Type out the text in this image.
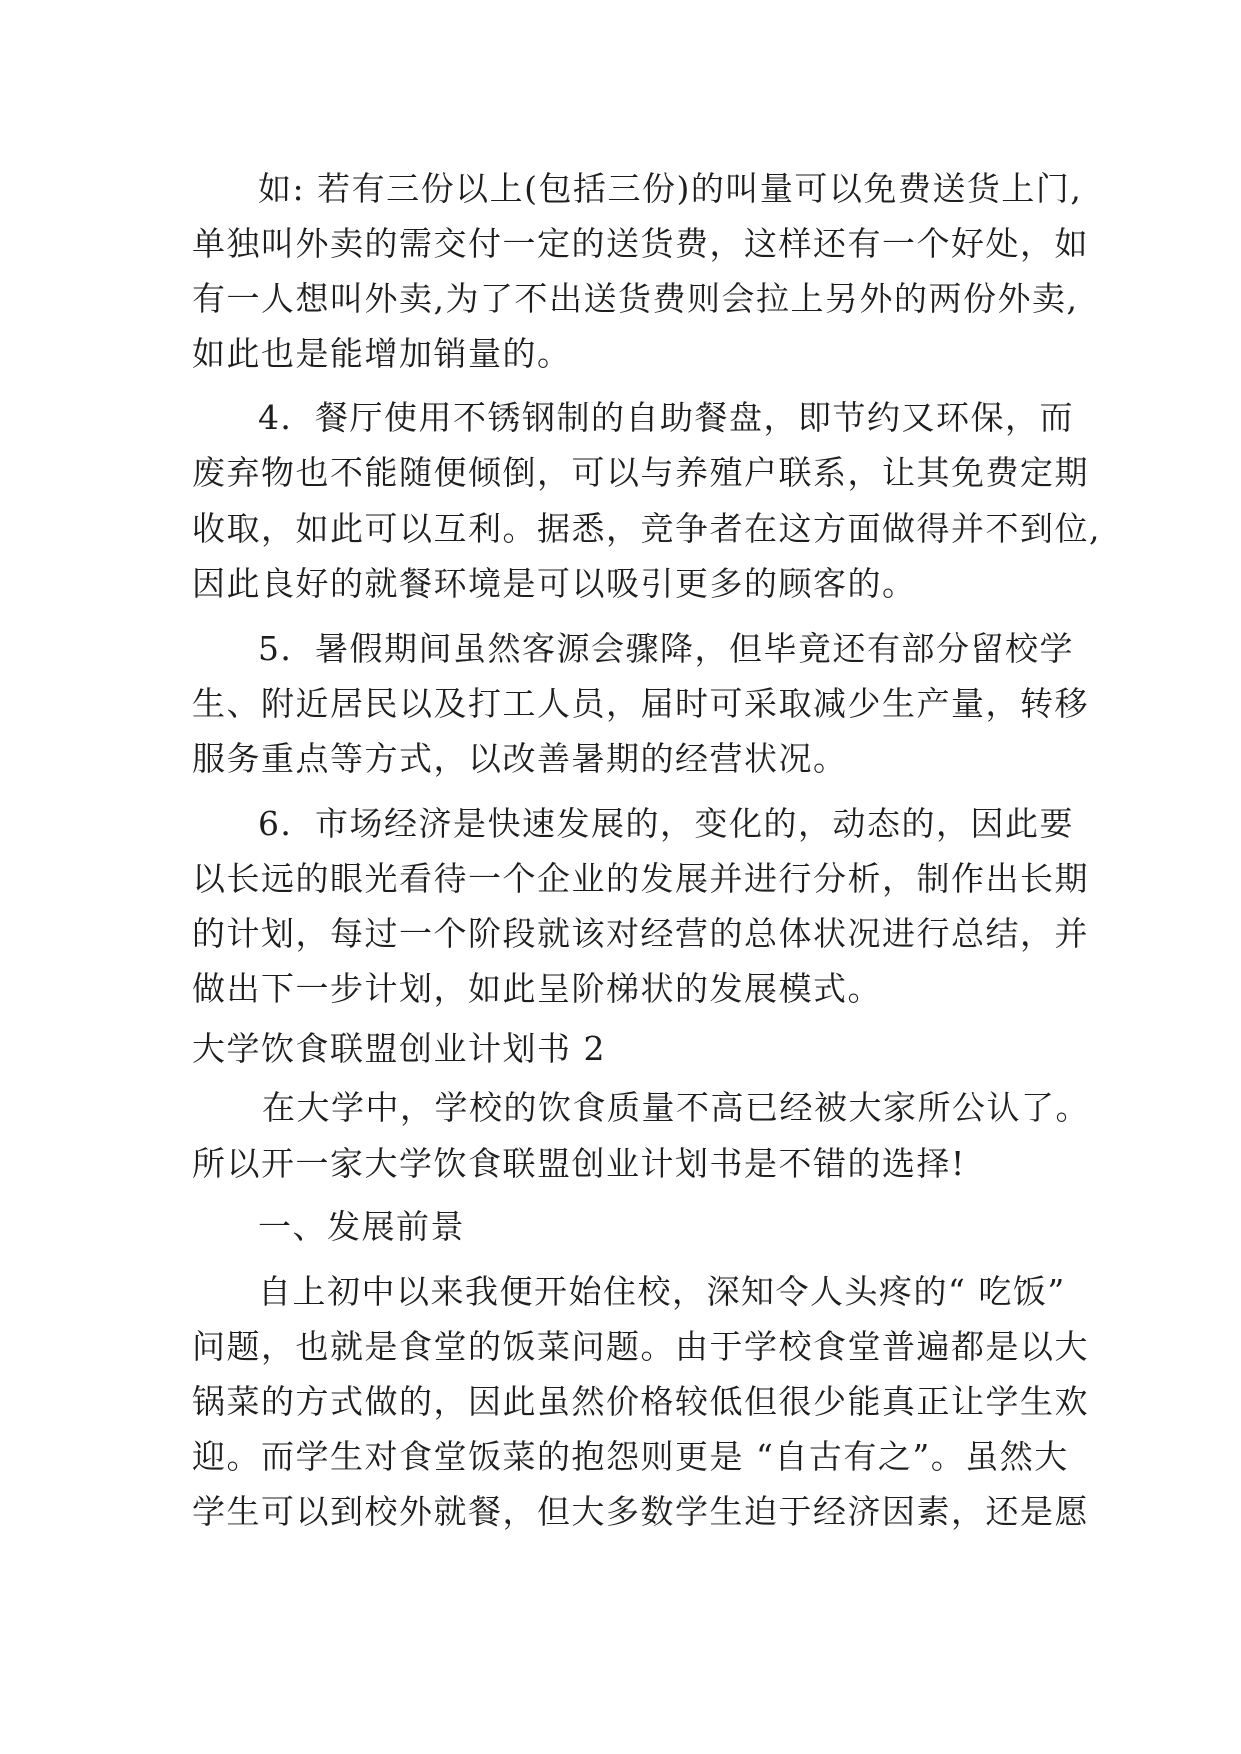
如: 若有三份以上(包括三份)的叫量可以免费送货上门,
单独叫外卖的需交付一定的送货费，这样还有一个好处，如
有一人想叫外卖,为了不出送货费则会拉上另外的两份外卖,
如此也是能增加销量的。
4．餐厅使用不锈钢制的自助餐盘，即节约又环保，而
废弃物也不能随便倾倒，可以与养殖户联系，让其免费定期
收取，如此可以互利。据悉，竞争者在这方面做得并不到位,
因此良好的就餐环境是可以吸引更多的顾客的。
5．暑假期间虽然客源会骤降，但毕竟还有部分留校学
生、附近居民以及打工人员，届时可采取减少生产量，转移
服务重点等方式，以改善暑期的经营状况。
6．市场经济是快速发展的，变化的，动态的，因此要
以长远的眼光看待一个企业的发展并进行分析，制作出长期
的计划，每过一个阶段就该对经营的总体状况进行总结，并
做出下一步计划，如此呈阶梯状的发展模式。
大学饮食联盟创业计划书 2
在大学中，学校的饮食质量不高已经被大家所公认了。
所以开一家大学饮食联盟创业计划书是不错的选择!
一、发展前景
自上初中以来我便开始住校，深知令人头疼的“ 吃饭”
问题，也就是食堂的饭菜问题。由于学校食堂普遍都是以大
锅菜的方式做的，因此虽然价格较低但很少能真正让学生欢
迎。而学生对食堂饭菜的抱怨则更是 “自古有之”。虽然大
学生可以到校外就餐，但大多数学生迫于经济因素，还是愿
